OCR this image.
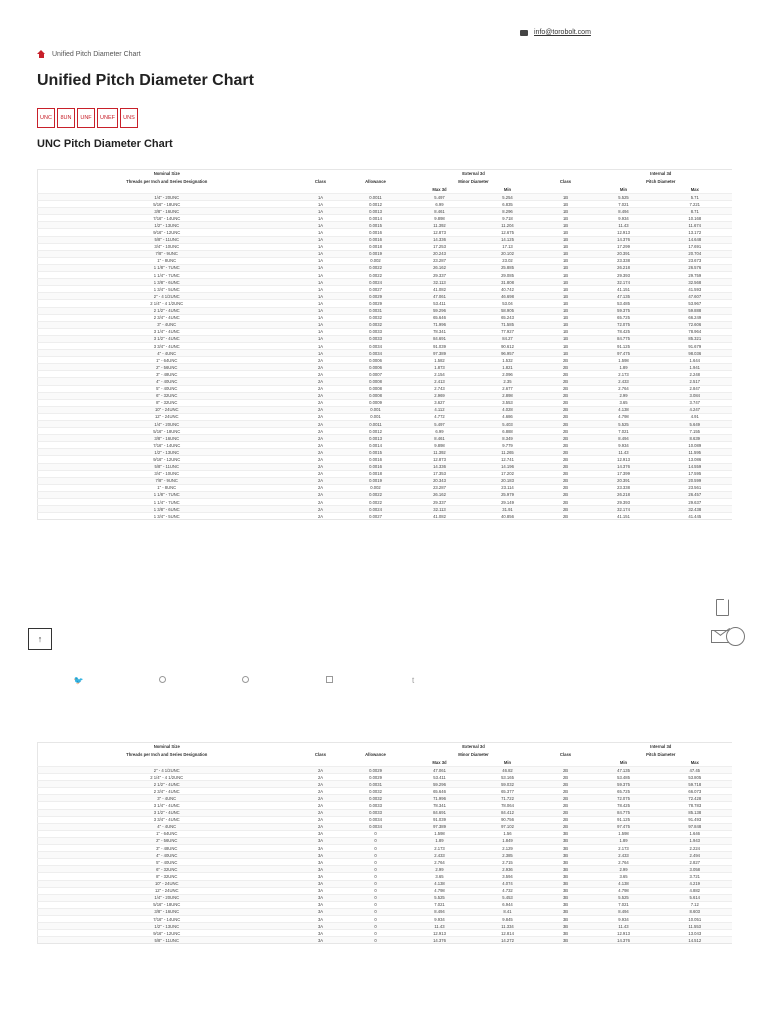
info@torobolt.com
Unified Pitch Diameter Chart
Unified Pitch Diameter Chart
UNC	8UN	UNF	UNEF	UNS
UNC Pitch Diameter Chart
Nominal Size			External 3d			Internal 3d	
Threads per Inch and Series Designation	Class	Allowance	Minor Diameter		Class	Pitch Diameter	
			Max 3d	Min		Min	Max
1/4" - 20UNC	1A	0.0011	5.497	5.254	1B	5.525	5.71
5/16" - 18UNC	1A	0.0012	6.99	6.835	1B	7.021	7.221
3/8" - 16UNC	1A	0.0013	8.461	8.296	1B	8.494	8.71
7/16" - 14UNC	1A	0.0014	9.898	9.718	1B	9.934	10.168
1/2" - 13UNC	1A	0.0015	11.392	11.204	1B	11.43	11.674
9/16" - 12UNC	1A	0.0016	12.873	12.675	1B	12.913	13.172
5/8" - 11UNC	1A	0.0016	14.336	14.125	1B	14.376	14.648
3/4" - 10UNC	1A	0.0018	17.253	17.13	1B	17.299	17.691
7/8" - 9UNC	1A	0.0019	20.243	20.102	1B	20.391	20.704
1" - 8UNC	1A	0.002	23.287	23.02	1B	23.338	23.673
1 1/8" - 7UNC	1A	0.0022	26.162	25.885	1B	26.218	26.576
1 1/4" - 7UNC	1A	0.0022	29.337	29.085	1B	29.393	29.759
1 3/8" - 6UNC	1A	0.0024	32.113	31.808	1B	32.174	32.568
1 3/4" - 5UNC	1A	0.0027	41.082	40.742	1B	41.151	41.593
2" - 4 1/2UNC	1A	0.0029	47.061	46.698	1B	47.135	47.607
2 1/4" - 4 1/2UNC	1A	0.0029	53.411	53.04	1B	53.485	53.967
2 1/2" - 4UNC	1A	0.0031	59.296	58.905	1B	59.375	59.888
2 3/4" - 4UNC	1A	0.0032	65.646	65.243	1B	65.725	66.249
3" - 4UNC	1A	0.0032	71.996	71.585	1B	72.075	72.606
3 1/4" - 4UNC	1A	0.0033	78.341	77.927	1B	78.425	78.964
3 1/2" - 4UNC	1A	0.0033	84.691	84.27	1B	84.775	85.321
3 3/4" - 4UNC	1A	0.0034	91.039	90.612	1B	91.125	91.679
4" - 4UNC	1A	0.0034	97.389	96.957	1B	97.475	98.036
1" - 64UNC	2A	0.0006	1.582	1.532	2B	1.598	1.644
2" - 56UNC	2A	0.0006	1.873	1.821	2B	1.89	1.941
3" - 48UNC	2A	0.0007	2.154	2.096	2B	2.173	2.248
4" - 40UNC	2A	0.0008	2.413	2.35	2B	2.433	2.517
5" - 40UNC	2A	0.0008	2.743	2.677	2B	2.764	2.847
6" - 32UNC	2A	0.0008	2.969	2.898	2B	2.99	3.084
8" - 32UNC	2A	0.0009	3.627	3.553	2B	3.65	3.747
10" - 24UNC	2A	0.001	4.112	4.028	2B	4.138	4.247
12" - 24UNC	2A	0.001	4.772	4.686	2B	4.798	4.91
1/4" - 20UNC	2A	0.0011	5.497	5.403	2B	5.525	5.649
5/16" - 18UNC	2A	0.0012	6.99	6.888	2B	7.021	7.155
3/8" - 16UNC	2A	0.0013	8.461	8.349	2B	8.494	8.639
7/16" - 14UNC	2A	0.0014	9.898	9.779	2B	9.934	10.089
1/2" - 13UNC	2A	0.0015	11.392	11.265	2B	11.43	11.595
9/16" - 12UNC	2A	0.0016	12.873	12.741	2B	12.913	13.086
5/8" - 11UNC	2A	0.0016	14.336	14.196	2B	14.376	14.559
3/4" - 10UNC	2A	0.0018	17.353	17.202	2B	17.399	17.595
7/8" - 9UNC	2A	0.0019	20.343	20.183	2B	20.391	20.599
1" - 8UNC	2A	0.002	23.287	23.114	2B	23.338	23.561
1 1/8" - 7UNC	2A	0.0022	26.162	25.979	2B	26.218	26.457
1 1/4" - 7UNC	2A	0.0022	29.337	29.149	2B	29.393	29.637
1 3/8" - 6UNC	2A	0.0024	32.113	31.91	2B	32.174	32.438
1 3/4" - 5UNC	2A	0.0027	41.082	40.856	2B	41.151	41.445
🐦	t
↑
Nominal Size			External 3d			Internal 3d	
Threads per Inch and Series Designation	Class	Allowance	Minor Diameter		Class	Pitch Diameter	
			Max 3d	Min		Min	Max
2" - 4 1/2UNC	2A	0.0029	47.061	46.82	2B	47.135	47.45
2 1/4" - 4 1/2UNC	2A	0.0029	53.411	53.165	2B	53.485	53.805
2 1/2" - 4UNC	2A	0.0031	59.296	59.032	2B	59.375	59.718
2 3/4" - 4UNC	2A	0.0032	65.646	65.377	2B	65.725	66.073
3" - 4UNC	2A	0.0032	71.996	71.722	2B	72.075	72.428
3 1/4" - 4UNC	2A	0.0033	78.341	78.064	2B	78.425	78.783
3 1/2" - 4UNC	2A	0.0033	84.691	84.412	2B	84.775	85.138
3 3/4" - 4UNC	2A	0.0034	91.039	90.756	2B	91.125	91.493
4" - 4UNC	2A	0.0034	97.389	97.102	2B	97.475	97.848
1" - 64UNC	3A	0	1.598	1.56	3B	1.598	1.646
2" - 56UNC	3A	0	1.89	1.849	3B	1.89	1.943
3" - 48UNC	3A	0	2.173	2.129	3B	2.173	2.224
4" - 40UNC	3A	0	2.433	2.385	3B	2.433	2.494
5" - 40UNC	3A	0	2.764	2.715	3B	2.764	2.827
6" - 32UNC	3A	0	2.99	2.936	3B	2.99	3.058
8" - 32UNC	3A	0	3.65	3.594	3B	3.65	3.721
10" - 24UNC	3A	0	4.138	4.074	3B	4.138	4.219
12" - 24UNC	3A	0	4.798	4.732	3B	4.798	4.882
1/4" - 20UNC	3A	0	5.525	5.453	3B	5.525	5.614
5/16" - 18UNC	3A	0	7.021	6.944	3B	7.021	7.12
3/8" - 16UNC	3A	0	8.494	8.41	3B	8.494	8.603
7/16" - 14UNC	3A	0	9.934	9.845	3B	9.934	10.051
1/2" - 13UNC	3A	0	11.43	11.334	3B	11.43	11.553
9/16" - 12UNC	3A	0	12.913	12.814	3B	12.913	13.043
5/8" - 11UNC	3A	0	14.376	14.272	3B	14.376	14.512
